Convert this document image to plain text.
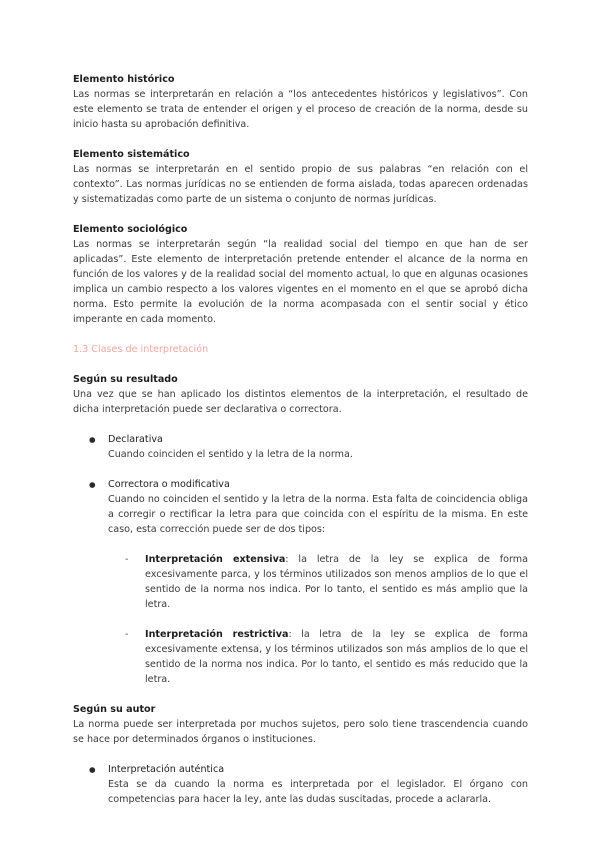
Elemento histórico

Las normas se interpretarán en relación a “los antecedentes históricos y legislativos”. Con este elemento se trata de entender el origen y el proceso de creación de la norma, desde su inicio hasta su aprobación definitiva.

Elemento sistemático

Las normas se interpretarán en el sentido propio de sus palabras “en relación con el contexto”. Las normas jurídicas no se entienden de forma aislada, todas aparecen ordenadas y sistematizadas como parte de un sistema o conjunto de normas jurídicas.

Elemento sociológico

Las normas se interpretarán según “la realidad social del tiempo en que han de ser aplicadas”. Este elemento de interpretación pretende entender el alcance de la norma en función de los valores y de la realidad social del momento actual, lo que en algunas ocasiones implica un cambio respecto a los valores vigentes en el momento en el que se aprobó dicha norma. Esto permite la evolución de la norma acompasada con el sentir social y ético imperante en cada momento.

1.3 Clases de interpretación
Según su resultado

Una vez que se han aplicado los distintos elementos de la interpretación, el resultado de dicha interpretación puede ser declarativa o correctora.

● Declarativa

Cuando coinciden el sentido y la letra de la norma.

● Correctora o modificativa

Cuando no coinciden el sentido y la letra de la norma. Esta falta de coincidencia obliga a corregir o rectificar la letra para que coincida con el espíritu de la misma. En este caso, esta corrección puede ser de dos tipos:

- Interpretación extensiva: la letra de la ley se explica de forma excesivamente parca, y los términos utilizados son menos amplios de lo que el sentido de la norma nos indica. Por lo tanto, el sentido es más amplio que la letra.

- Interpretación restrictiva: la letra de la ley se explica de forma excesivamente extensa, y los términos utilizados son más amplios de lo que el sentido de la norma nos indica. Por lo tanto, el sentido es más reducido que la letra.

Según su autor

La norma puede ser interpretada por muchos sujetos, pero solo tiene trascendencia cuando se hace por determinados órganos o instituciones.

● Interpretación auténtica

Esta se da cuando la norma es interpretada por el legislador. El órgano con competencias para hacer la ley, ante las dudas suscitadas, procede a aclararla.
